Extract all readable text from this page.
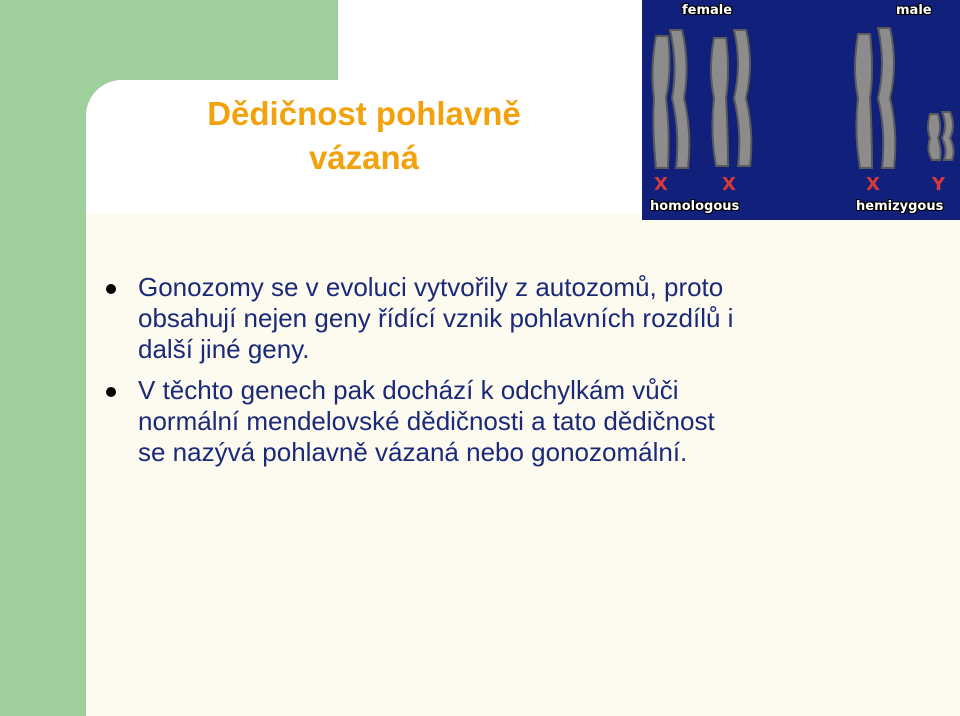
Dědičnost pohlavně
vázaná
female	male
X	X	X	Y
homologous	hemizygous
Gonozomy se v evoluci vytvořily z autozomů, proto obsahují nejen geny řídící vznik pohlavních rozdílů i další jiné geny.
V těchto genech pak dochází k odchylkám vůči normální mendelovské dědičnosti a tato dědičnost se nazývá pohlavně vázaná nebo gonozomální.
